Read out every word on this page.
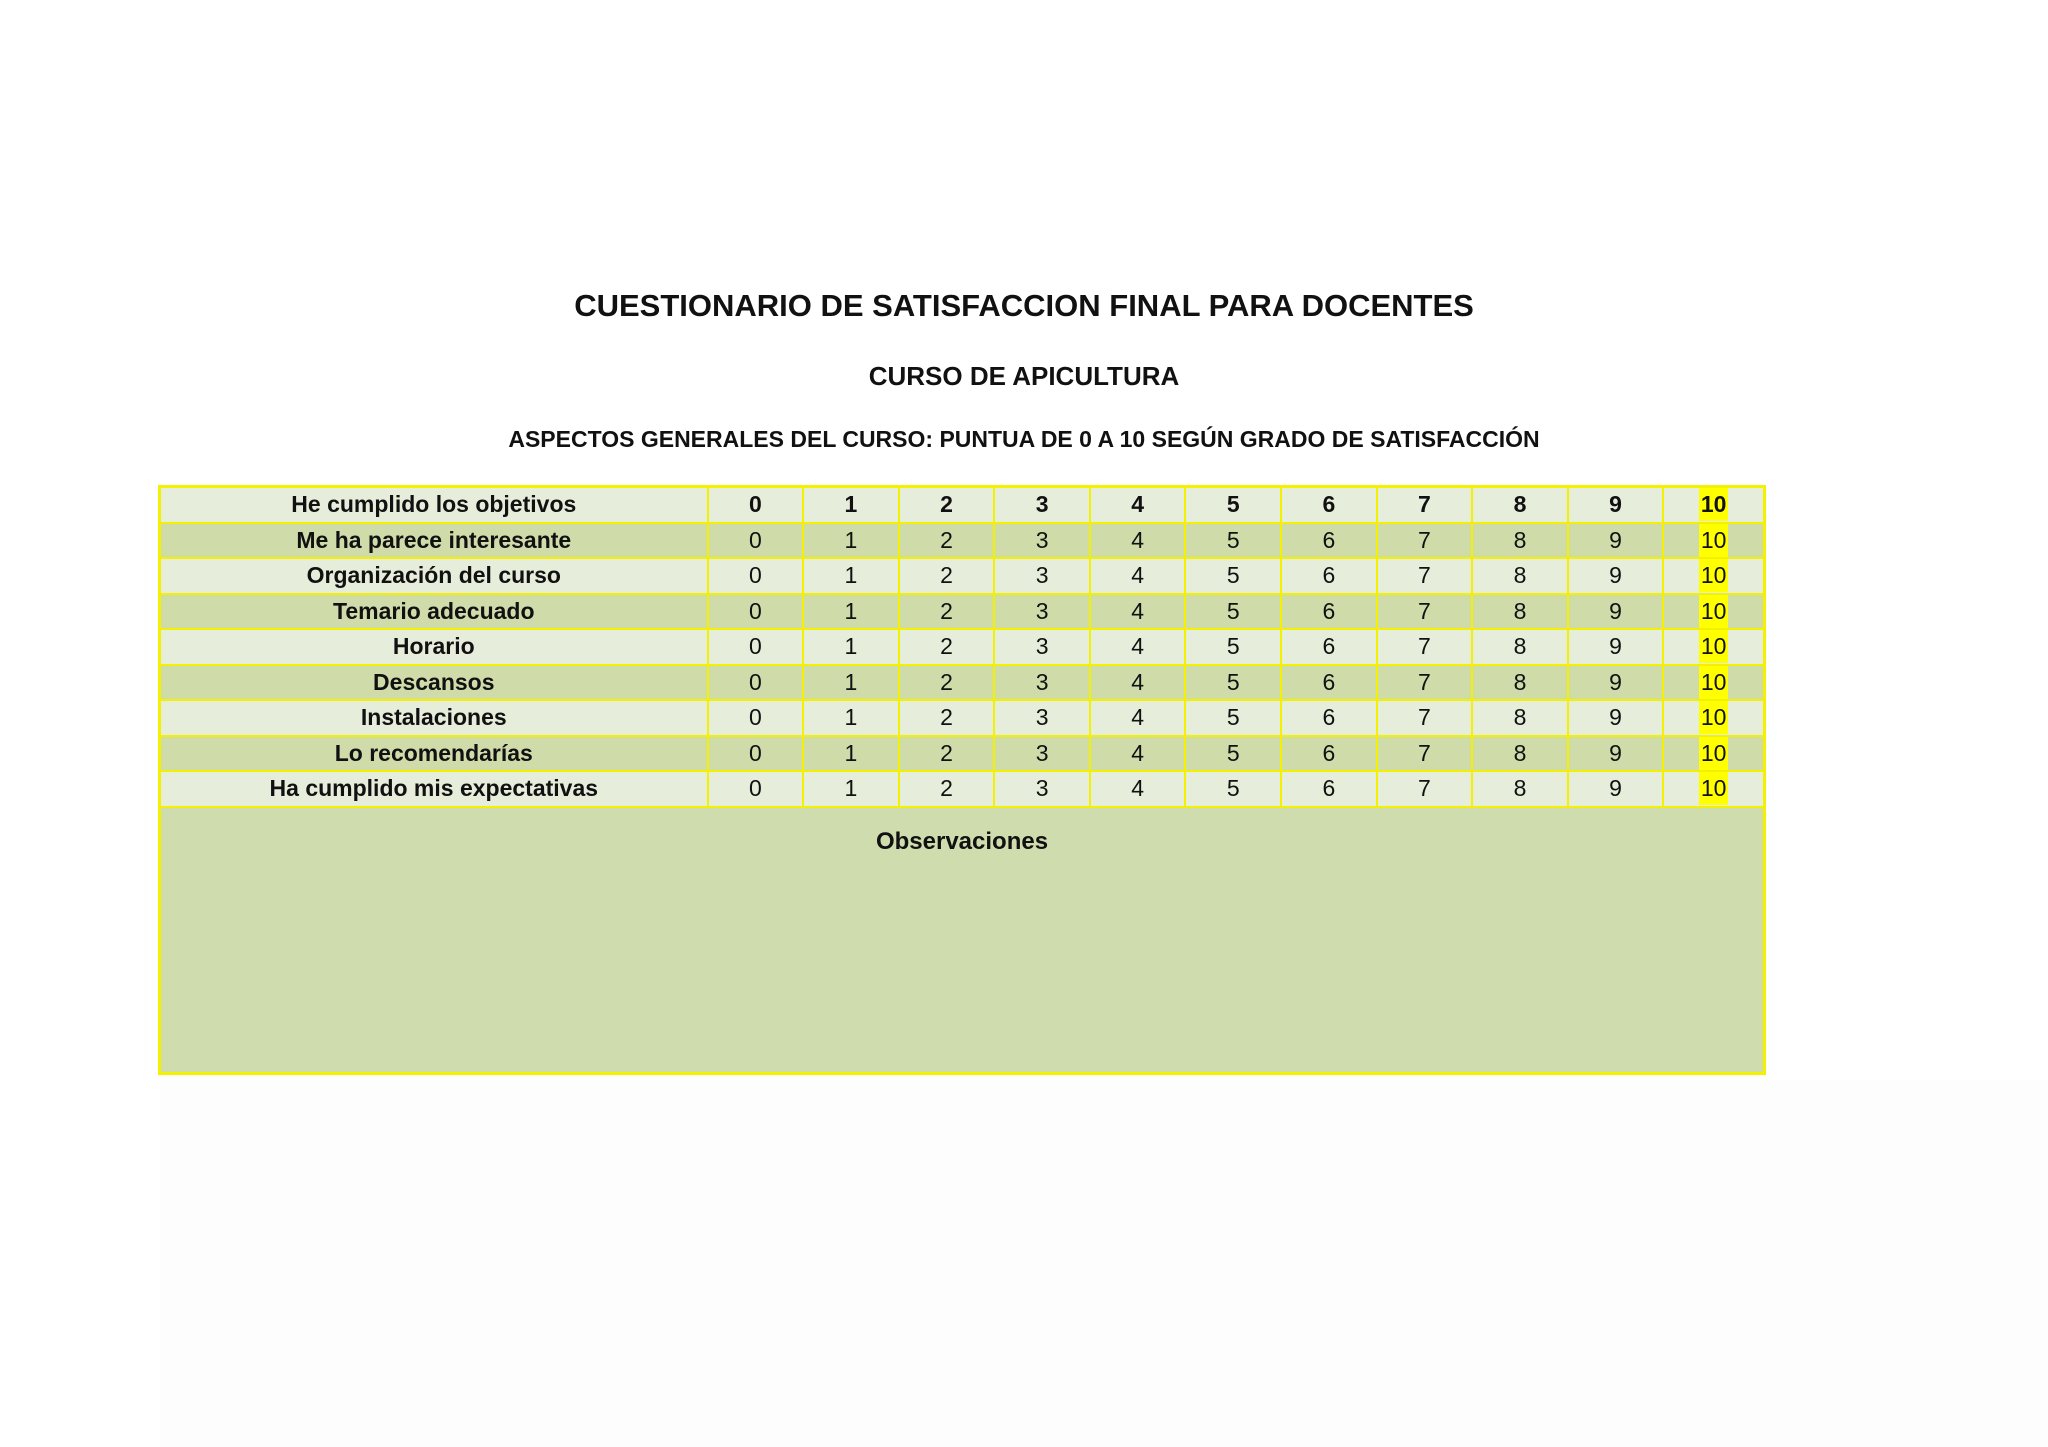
CUESTIONARIO DE SATISFACCION FINAL PARA DOCENTES
CURSO DE APICULTURA
ASPECTOS GENERALES DEL CURSO: PUNTUA DE 0 A 10 SEGÚN GRADO DE SATISFACCIÓN
He cumplido los objetivos	0	1	2	3	4	5	6	7	8	9	10
Me ha parece interesante	0	1	2	3	4	5	6	7	8	9	10
Organización del curso	0	1	2	3	4	5	6	7	8	9	10
Temario adecuado	0	1	2	3	4	5	6	7	8	9	10
Horario	0	1	2	3	4	5	6	7	8	9	10
Descansos	0	1	2	3	4	5	6	7	8	9	10
Instalaciones	0	1	2	3	4	5	6	7	8	9	10
Lo recomendarías	0	1	2	3	4	5	6	7	8	9	10
Ha cumplido mis expectativas	0	1	2	3	4	5	6	7	8	9	10
Observaciones
